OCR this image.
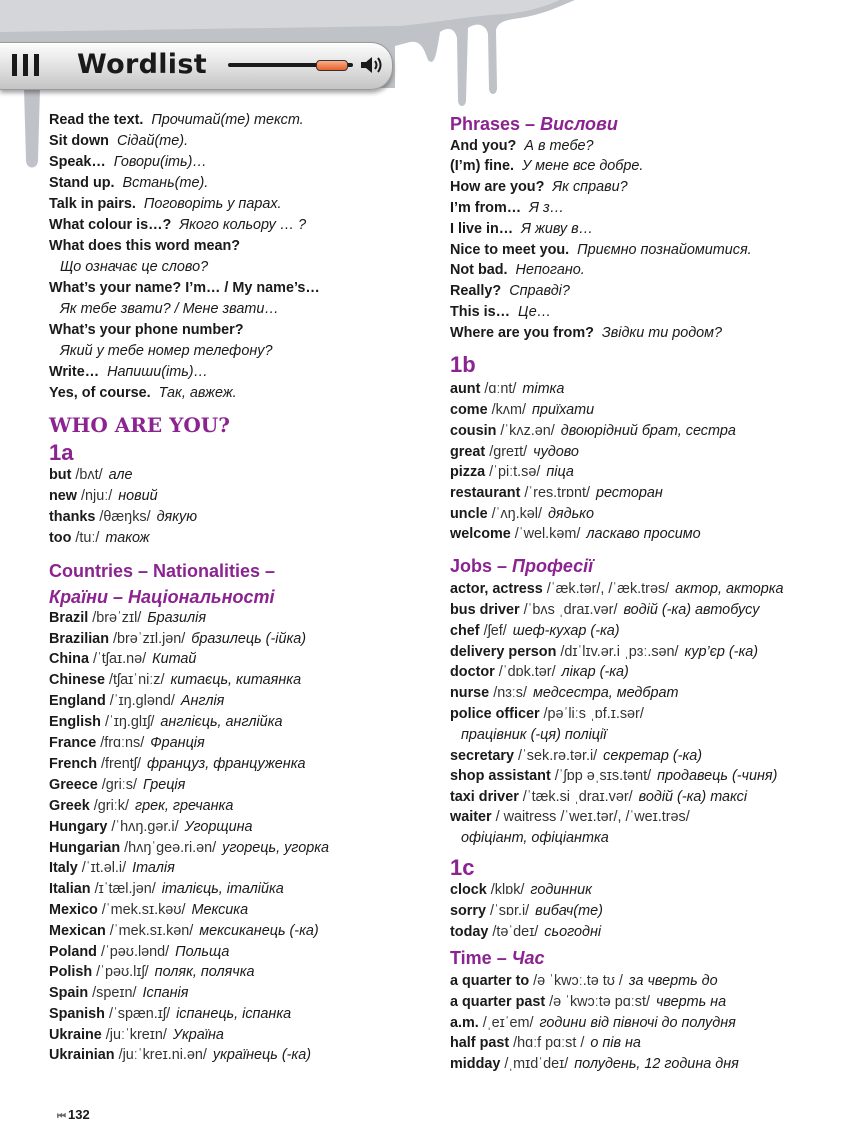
Wordlist
Read the text. Прочитай(те) текст.
Sit down Сідай(те).
Speak… Говори(іть)…
Stand up. Встань(те).
Talk in pairs. Поговоріть у парах.
What colour is…? Якого кольору … ?
What does this word mean?
Що означає це слово?
What’s your name? I’m… / My name’s…
Як тебе звати? / Мене звати…
What’s your phone number?
Який у тебе номер телефону?
Write… Напиши(іть)…
Yes, of course. Так, авжеж.
WHO ARE YOU?
1a
but /bʌt/ але
new /njuː/ новий
thanks /θæŋks/ дякую
too /tuː/ також
Countries – Nationalities –
Країни – Національності
Brazil /brəˈzɪl/ Бразилія
Brazilian /brəˈzɪl.jən/ бразилець (-ійка)
China /ˈtʃaɪ.nə/ Китай
Chinese /tʃaɪˈniːz/ китаєць, китаянка
England /ˈɪŋ.glənd/ Англія
English /ˈɪŋ.glɪʃ/ англієць, англійка
France /frɑːns/ Франція
French /frentʃ/ француз, француженка
Greece /griːs/ Греція
Greek /griːk/ грек, гречанка
Hungary /ˈhʌŋ.gər.i/ Угорщина
Hungarian /hʌŋˈgeə.ri.ən/ угорець, угорка
Italy /ˈɪt.əl.i/ Італія
Italian /ɪˈtæl.jən/ італієць, італійка
Mexico /ˈmek.sɪ.kəʊ/ Мексика
Mexican /ˈmek.sɪ.kən/ мексиканець (-ка)
Poland /ˈpəʊ.lənd/ Польща
Polish /ˈpəʊ.lɪʃ/ поляк, полячка
Spain /speɪn/ Іспанія
Spanish /ˈspæn.ɪʃ/ іспанець, іспанка
Ukraine /juːˈkreɪn/ Україна
Ukrainian /juːˈkreɪ.ni.ən/ українець (-ка)
Phrases – Вислови
And you? А в тебе?
(I’m) fine. У мене все добре.
How are you? Як справи?
I’m from… Я з…
I live in… Я живу в…
Nice to meet you. Приємно познайомитися.
Not bad. Непогано.
Really? Справді?
This is… Це…
Where are you from? Звідки ти родом?
1b
aunt /ɑːnt/ тітка
come /kʌm/ приїхати
cousin /ˈkʌz.ən/ двоюрідний брат, сестра
great /greɪt/ чудово
pizza /ˈpiːt.sə/ піца
restaurant /ˈres.trɒnt/ ресторан
uncle /ˈʌŋ.kəl/ дядько
welcome /ˈwel.kəm/ ласкаво просимо
Jobs – Професії
actor, actress /ˈæk.tər/, /ˈæk.trəs/ актор, акторка
bus driver /ˈbʌs ˌdraɪ.vər/ водій (-ка) автобусу
chef /ʃef/ шеф-кухар (-ка)
delivery person /dɪˈlɪv.ər.i ˌpɜː.sən/ кур’єр (-ка)
doctor /ˈdɒk.tər/ лікар (-ка)
nurse /nɜːs/ медсестра, медбрат
police officer /pəˈliːs ˌɒf.ɪ.sər/
працівник (-ця) поліції
secretary /ˈsek.rə.tər.i/ секретар (-ка)
shop assistant /ˈʃɒp əˌsɪs.tənt/ продавець (-чиня)
taxi driver /ˈtæk.si ˌdraɪ.vər/ водій (-ка) таксі
waiter / waitress /ˈweɪ.tər/, /ˈweɪ.trəs/
офіціант, офіціантка
1c
clock /klɒk/ годинник
sorry /ˈsɒr.i/ вибач(те)
today /təˈdeɪ/ сьогодні
Time – Час
a quarter to /ə ˈkwɔː.tə tʊ / за чверть до
a quarter past /ə ˈkwɔːtə pɑːst/ чверть на
a.m. /ˌeɪˈem/ години від півночі до полудня
half past /hɑːf pɑːst / о пів на
midday /ˌmɪdˈdeɪ/ полудень, 12 година дня
⏮ 132
